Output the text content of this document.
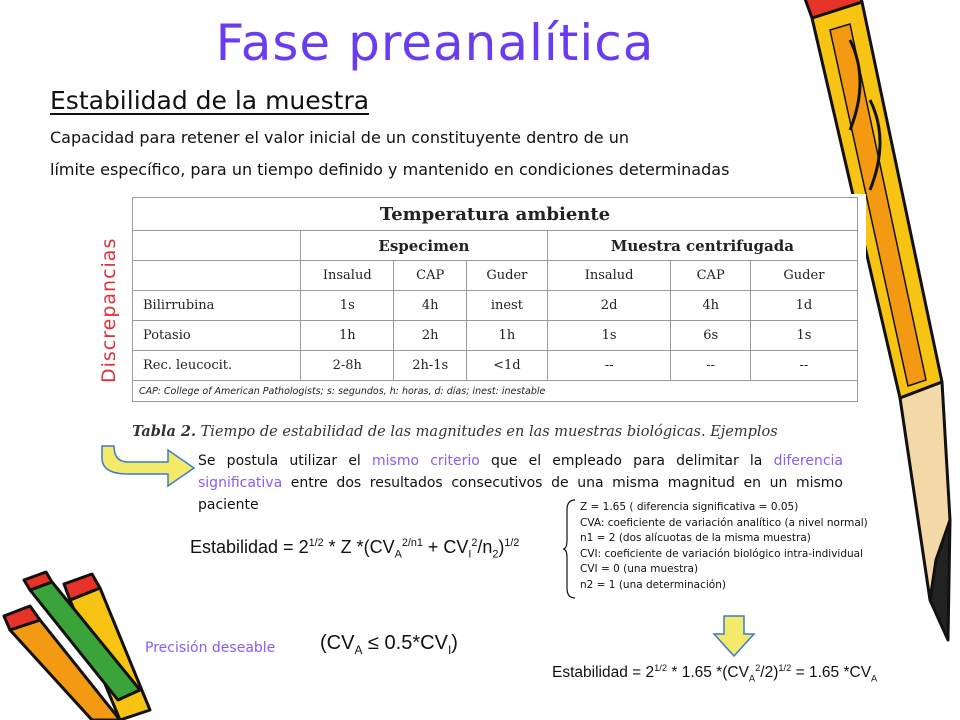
Fase preanalítica
Estabilidad de la muestra
Capacidad para retener el valor inicial de un constituyente dentro de un
límite específico, para un tiempo definido y mantenido en condiciones determinadas
Discrepancias
Temperatura ambiente						
	Especimen			Muestra centrifugada		
	Insalud	CAP	Guder	Insalud	CAP	Guder
Bilirrubina	1s	4h	inest	2d	4h	1d
Potasio	1h	2h	1h	1s	6s	1s
Rec. leucocit.	2-8h	2h-1s	<1d	--	--	--
CAP: College of American Pathologists; s: segundos, h: horas, d: días; inest: inestable						
Tabla 2. Tiempo de estabilidad de las magnitudes en las muestras biológicas. Ejemplos
Se postula utilizar el mismo criterio que el empleado para delimitar la diferencia significativa entre dos resultados consecutivos de una misma magnitud en un mismo paciente
Estabilidad = $2^{1/2}$ * Z $*(CV_A^{2/n1} + CV_I^2/n_2)^{1/2}$
Z = 1.65 ( diferencia significativa = 0.05)
CVA: coeficiente de variación analítico (a nivel normal)
n1 = 2 (dos alícuotas de la misma muestra)
CVI: coeficiente de variación biológico intra-individual
CVI = 0 (una muestra)
n2 = 1 (una determinación)
Precisión deseable $(CV_A \le 0.5*CV_I)$
Estabilidad = $2^{1/2} * 1.65$ $*(CV_A^2/2)^{1/2} = 1.65$ $*CV_A$
